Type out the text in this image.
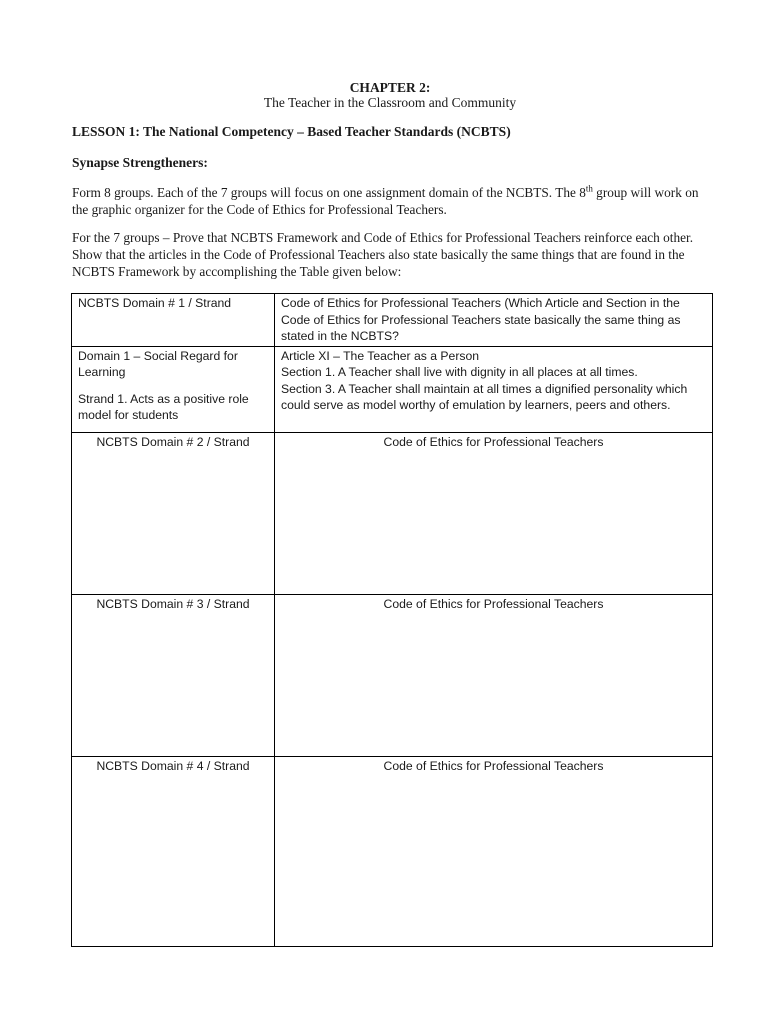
CHAPTER 2:
The Teacher in the Classroom and Community
LESSON 1: The National Competency – Based Teacher Standards (NCBTS)
Synapse Strengtheners:
Form 8 groups. Each of the 7 groups will focus on one assignment domain of the NCBTS. The 8th group will work on the graphic organizer for the Code of Ethics for Professional Teachers.
For the 7 groups – Prove that NCBTS Framework and Code of Ethics for Professional Teachers reinforce each other. Show that the articles in the Code of Professional Teachers also state basically the same things that are found in the NCBTS Framework by accomplishing the Table given below:
NCBTS Domain # 1 / Strand	Code of Ethics for Professional Teachers (Which Article and Section in the Code of Ethics for Professional Teachers state basically the same thing as stated in the NCBTS?

Domain 1 – Social Regard for Learning
Strand 1. Acts as a positive role model for students	Article XI – The Teacher as a Person
Section 1. A Teacher shall live with dignity in all places at all times.
Section 3. A Teacher shall maintain at all times a dignified personality which could serve as model worthy of emulation by learners, peers and others.

NCBTS Domain # 2 / Strand	Code of Ethics for Professional Teachers
NCBTS Domain # 3 / Strand	Code of Ethics for Professional Teachers
NCBTS Domain # 4 / Strand	Code of Ethics for Professional Teachers
